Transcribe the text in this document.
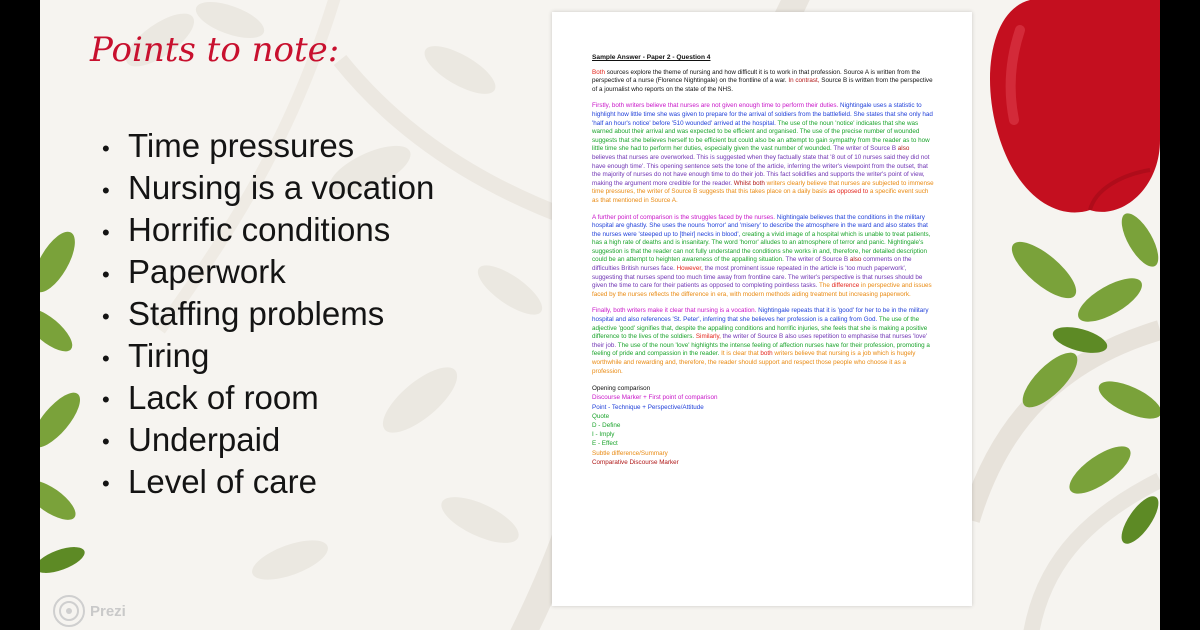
Points to note:
• Time pressures
• Nursing is a vocation
• Horrific conditions
• Paperwork
• Staffing problems
• Tiring
• Lack of room
• Underpaid
• Level of care
Sample Answer - Paper 2 - Question 4
Both sources explore the theme of nursing and how difficult it is to work in that profession. Source A is written from the perspective of a nurse (Florence Nightingale) on the frontline of a war. In contrast, Source B is written from the perspective of a journalist who reports on the state of the NHS.
Firstly, both writers believe that nurses are not given enough time to perform their duties. Nightingale uses a statistic to highlight how little time she was given to prepare for the arrival of soldiers from the battlefield. She states that she only had 'half an hour's notice' before '510 wounded' arrived at the hospital. The use of the noun 'notice' indicates that she was warned about their arrival and was expected to be efficient and organised. The use of the precise number of wounded suggests that she believes herself to be efficient but could also be an attempt to gain sympathy from the reader as to how little time she had to perform her duties, especially given the vast number of wounded. The writer of Source B also believes that nurses are overworked. This is suggested when they factually state that '8 out of 10 nurses said they did not have enough time'. This opening sentence sets the tone of the article, inferring the writer's viewpoint from the outset, that the majority of nurses do not have enough time to do their job. This fact solidifies and supports the writer's point of view, making the argument more credible for the reader. Whilst both writers clearly believe that nurses are subjected to immense time pressures, the writer of Source B suggests that this takes place on a daily basis as opposed to a specific event such as that mentioned in Source A.
A further point of comparison is the struggles faced by the nurses. Nightingale believes that the conditions in the military hospital are ghastly. She uses the nouns 'horror' and 'misery' to describe the atmosphere in the ward and also states that the nurses were 'steeped up to [their] necks in blood', creating a vivid image of a hospital which is unable to treat patients, has a high rate of deaths and is insanitary. The word 'horror' alludes to an atmosphere of terror and panic. Nightingale's suggestion is that the reader can not fully understand the conditions she works in and, therefore, her detailed description could be an attempt to heighten awareness of the appalling situation. The writer of Source B also comments on the difficulties British nurses face. However, the most prominent issue repeated in the article is 'too much paperwork', suggesting that nurses spend too much time away from frontline care. The writer's perspective is that nurses should be given the time to care for their patients as opposed to completing pointless tasks. The difference in perspective and issues faced by the nurses reflects the difference in era, with modern methods aiding treatment but increasing paperwork.
Finally, both writers make it clear that nursing is a vocation. Nightingale repeats that it is 'good' for her to be in the military hospital and also references 'St. Peter', inferring that she believes her profession is a calling from God. The use of the adjective 'good' signifies that, despite the appalling conditions and horrific injuries, she feels that she is making a positive difference to the lives of the soldiers. Similarly, the writer of Source B also uses repetition to emphasise that nurses 'love' their job. The use of the noun 'love' highlights the intense feeling of affection nurses have for their profession, promoting a feeling of pride and compassion in the reader. It is clear that both writers believe that nursing is a job which is hugely worthwhile and rewarding and, therefore, the reader should support and respect those people who choose it as a profession.
Opening comparison
Discourse Marker + First point of comparison
Point - Technique + Perspective/Attitude
Quote
D - Define
I - Imply
E - Effect
Subtle difference/Summary
Comparative Discourse Marker
Prezi
